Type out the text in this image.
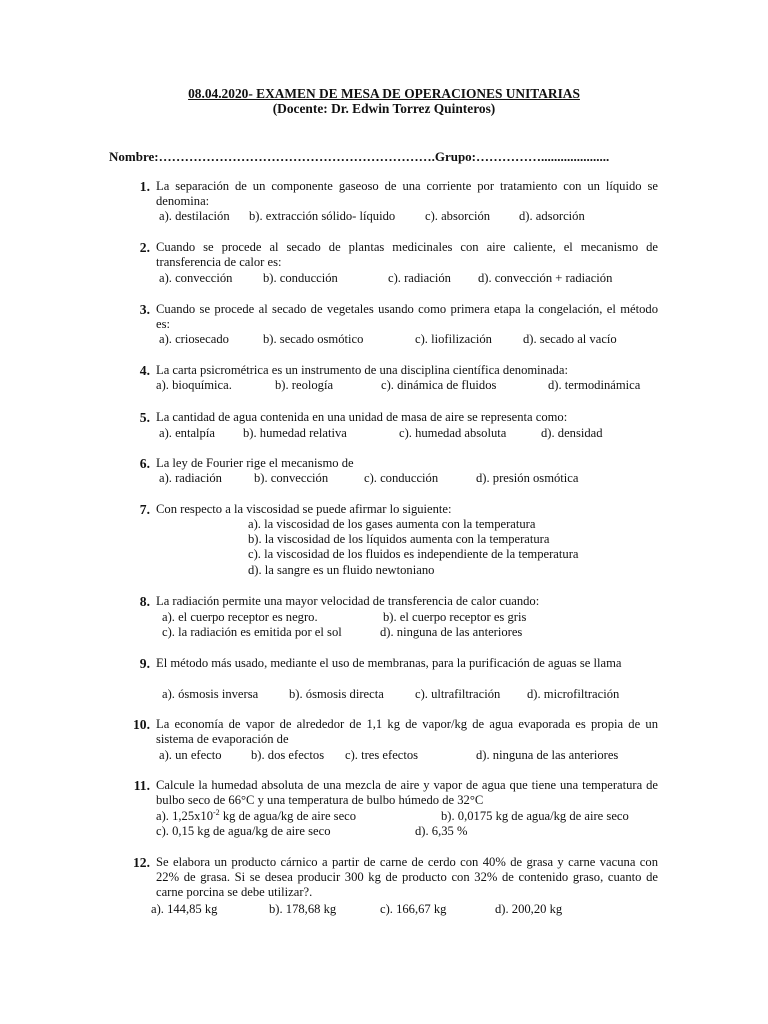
08.04.2020- EXAMEN DE MESA DE OPERACIONES UNITARIAS
(Docente: Dr. Edwin Torrez Quinteros)
Nombre:……………………………………………………….Grupo:…………….....................
1. La separación de un componente gaseoso de una corriente por tratamiento con un líquido se denomina:
a). destilación b). extracción sólido- líquido c). absorción d). adsorción
2. Cuando se procede al secado de plantas medicinales con aire caliente, el mecanismo de transferencia de calor es:
a). convección b). conducción	c). radiación d). convección + radiación
3. Cuando se procede al secado de vegetales usando como primera etapa la congelación, el método es:
a). criosecado	b). secado osmótico	c). liofilización d). secado al vacío
4. La carta psicrométrica es un instrumento de una disciplina científica denominada:
a). bioquímica.	b). reología	c). dinámica de fluidos	d). termodinámica
5. La cantidad de agua contenida en una unidad de masa de aire se representa como:
a). entalpía b). humedad relativa	c). humedad absoluta	d). densidad
6. La ley de Fourier rige el mecanismo de
a). radiación	b). convección	c). conducción	d). presión osmótica
7. Con respecto a la viscosidad se puede afirmar lo siguiente:
a). la viscosidad de los gases aumenta con la temperatura
b). la viscosidad de los líquidos aumenta con la temperatura
c). la viscosidad de los fluidos es independiente de la temperatura
d). la sangre es un fluido newtoniano
8. La radiación permite una mayor velocidad de transferencia de calor cuando:
a). el cuerpo receptor es negro.	b). el cuerpo receptor es gris
c). la radiación es emitida por el sol	d). ninguna de las anteriores
9. El método más usado, mediante el uso de membranas, para la purificación de aguas se llama
a). ósmosis inversa b). ósmosis directa c). ultrafiltración d). microfiltración
10. La economía de vapor de alrededor de 1,1 kg de vapor/kg de agua evaporada es propia de un sistema de evaporación de
a). un efecto b). dos efectos c). tres efectos	d). ninguna de las anteriores
11. Calcule la humedad absoluta de una mezcla de aire y vapor de agua que tiene una temperatura de bulbo seco de 66°C y una temperatura de bulbo húmedo de 32°C
a). $1,25x10^{-2}$ kg de agua/kg de aire seco	b). 0,0175 kg de agua/kg de aire seco
c). 0,15 kg de agua/kg de aire seco	d). 6,35 %
12. Se elabora un producto cárnico a partir de carne de cerdo con 40% de grasa y carne vacuna con 22% de grasa. Si se desea producir 300 kg de producto con 32% de contenido graso, cuanto de carne porcina se debe utilizar?.
a). 144,85 kg	b). 178,68 kg	c). 166,67 kg	d). 200,20 kg
